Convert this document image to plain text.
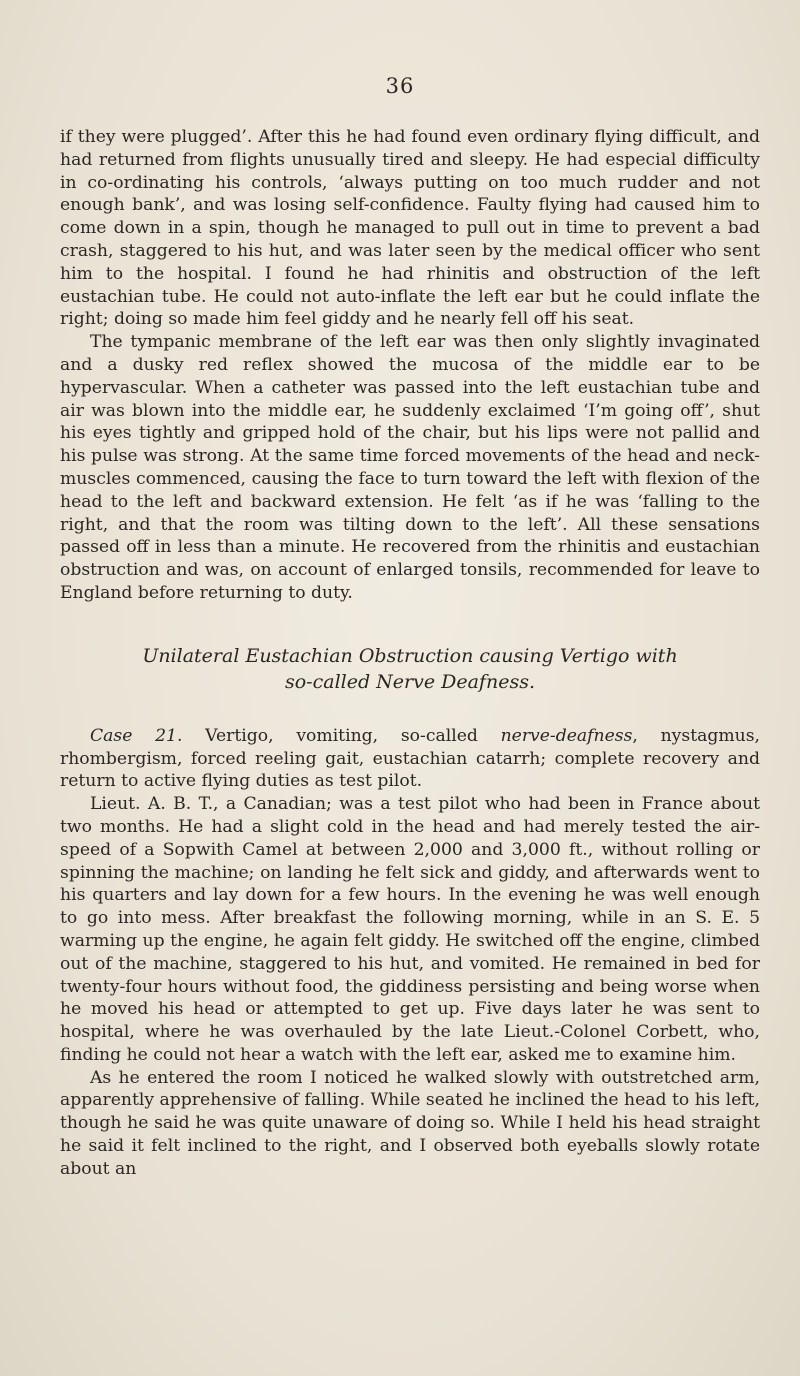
36

if they were plugged’. After this he had found even ordinary flying difficult, and had returned from flights unusually tired and sleepy. He had especial difficulty in co-ordinating his controls, ‘always putting on too much rudder and not enough bank’, and was losing self-confidence. Faulty flying had caused him to come down in a spin, though he managed to pull out in time to prevent a bad crash, staggered to his hut, and was later seen by the medical officer who sent him to the hospital. I found he had rhinitis and obstruction of the left eustachian tube. He could not auto-inflate the left ear but he could inflate the right; doing so made him feel giddy and he nearly fell off his seat.

The tympanic membrane of the left ear was then only slightly invaginated and a dusky red reflex showed the mucosa of the middle ear to be hypervascular. When a catheter was passed into the left eustachian tube and air was blown into the middle ear, he suddenly exclaimed ‘I’m going off’, shut his eyes tightly and gripped hold of the chair, but his lips were not pallid and his pulse was strong. At the same time forced movements of the head and neck-muscles commenced, causing the face to turn toward the left with flexion of the head to the left and backward extension. He felt ‘as if he was ‘falling to the right, and that the room was tilting down to the left’. All these sensations passed off in less than a minute. He recovered from the rhinitis and eustachian obstruction and was, on account of enlarged tonsils, recommended for leave to England before returning to duty.

Unilateral Eustachian Obstruction causing Vertigo with
so-called Nerve Deafness.

Case 21. Vertigo, vomiting, so-called nerve-deafness, nystagmus, rhombergism, forced reeling gait, eustachian catarrh; complete recovery and return to active flying duties as test pilot.

Lieut. A. B. T., a Canadian; was a test pilot who had been in France about two months. He had a slight cold in the head and had merely tested the air-speed of a Sopwith Camel at between 2,000 and 3,000 ft., without rolling or spinning the machine; on landing he felt sick and giddy, and afterwards went to his quarters and lay down for a few hours. In the evening he was well enough to go into mess. After breakfast the following morning, while in an S. E. 5 warming up the engine, he again felt giddy. He switched off the engine, climbed out of the machine, staggered to his hut, and vomited. He remained in bed for twenty-four hours without food, the giddiness persisting and being worse when he moved his head or attempted to get up. Five days later he was sent to hospital, where he was overhauled by the late Lieut.-Colonel Corbett, who, finding he could not hear a watch with the left ear, asked me to examine him.

As he entered the room I noticed he walked slowly with outstretched arm, apparently apprehensive of falling. While seated he inclined the head to his left, though he said he was quite unaware of doing so. While I held his head straight he said it felt inclined to the right, and I observed both eyeballs slowly rotate about an
